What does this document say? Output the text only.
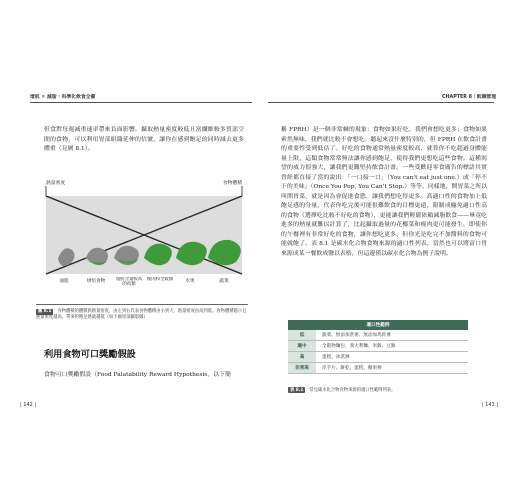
增肌 ✕ 減脂 · 科學化飲食全書	CHAPTER 8｜飢餓管理
但食對每週減重速率帶來負面影響。攝取熱量密度較低且富纖維較多質部空間的食物，可以利用胃部組織延伸的信號，讓你在感到飽足的同時減去更多體重（見圖 8.1）。
熱量密度	食物體積
油脂	烘焙食物	脂肪含量較高的肉類
瘦肉和全穀類	水果	蔬菜
圖 8.1 食物體積的體積與熱量密度，由左到右代表食物體積由小到大，熱量密度由高到低。食物體積越小且熱量密度越高，帶來的飽足感就越低（如下圖胃部攝影圖）
利用食物可口獎勵假設
食物可口獎勵假設（Food Palatability Reward Hypothesis，以下簡
稱 FPRH）是一個非常棘的現象：食物如果好吃，我們會想吃更多；食物如果索然無味，我們就比較不會想吃。聽起來沒什麼特別的，但 FPRH 在飲食計畫的重要性受到低估了。好吃的食物通常熱量密度較高，就算你不吃超過身體能量上限，這類食物常常無法讓你感到飽足，使得我們更想吃這些食物。這種渴望的威力很強大，讓我們更難堅持飲食計畫。一些受歡迎零食廣告的標語其實曾經都直接了當的說出：「一口接一口」（You can't eat just one.）或「停不下的美味」（Once You Pop, You Can't Stop.）等等。同樣地，開胃菜之所以叫開胃菜，就是因為會促進食慾，讓我們想吃得更多。高適口性的食物加上低飽足感的分量，代表你吃完後可能很難飲食的目標更遠，限制成癮免適口性高的食物（選擇吃比較不好吃的食物），更能讓我們輕鬆依賴減脂飲食——畢竟吃進多的熱量就難以計算了，比起攝取過量的花椰菜和瘦肉更可能發生。即使你的午餐裡有非常好吃的食物，讓你想吃更多，但你光是吃完不加醬料的食物可能就飽了。表 8.1 是碳水化合物食物來源的適口性列表，當然也可以將富口胃來源成某一餐飲成醫以表格，但這邊僅以碳水化合物為例子說明。
適口性範例
低	蔬菜、無添加蔗麥、無添加馬鈴薯
適中	全穀物麵包、義大利麵、米飯、豆類
高	蛋糕、冰淇淋
非常高	洋芋片、餅乾、蛋糕、糖果棒
表 8.1 常見碳水化合物食物來源的適口性範例列表。
| 142 |	| 143 |
